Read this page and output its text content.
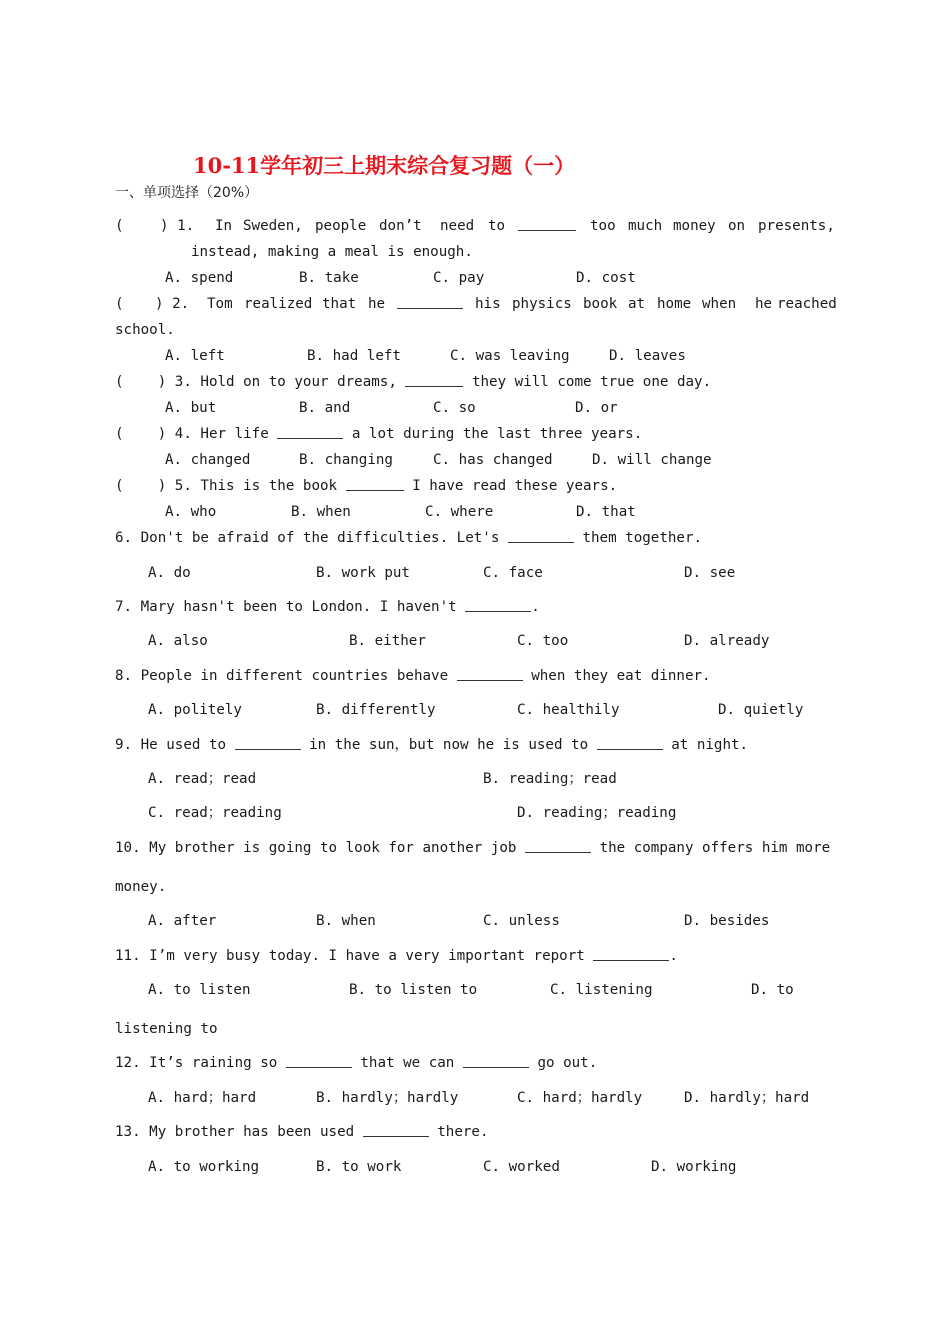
10-11学年初三上期末综合复习题（一）
一、单项选择（20%）
(	) 1. In Sweden, people don’t need to	too much money on presents,
instead, making a meal is enough.
A. spend	B. take	C. pay	D. cost
( ) 2. Tom realized that he	his physics book at home when he reached
school.
A. left	B. had left	C. was leaving	D. leaves
(    ) 3. Hold on to your dreams,	they will come true one day.
A. but	B. and	C. so	D. or
(    ) 4. Her life	a lot during the last three years.
A. changed	B. changing	C. has changed	D. will change
(    ) 5. This is the book	I have read these years.
A. who	B. when	C. where	D. that
6. Don't be afraid of the difficulties. Let's	them together.
A. do	B. work put	C. face	D. see
7. Mary hasn't been to London. I haven't	.
A. also	B. either	C. too	D. already
8. People in different countries behave	when they eat dinner.
A. politely	B. differently	C. healthily	D. quietly
9. He used to	in the sun，but now he is used to	at night.
A. read；read	B. reading；read
C. read；reading	D. reading；reading
10. My brother is going to look for another job	the company offers him more
money.
A. after	B. when	C. unless	D. besides
11. I’m very busy today. I have a very important report	.
A. to listen	B. to listen to	C. listening	D. to
listening to
12. It’s raining so	that we can	go out.
A. hard；hard	B. hardly；hardly	C. hard；hardly	D. hardly；hard
13. My brother has been used	there.
A. to working	B. to work	C. worked	D. working
